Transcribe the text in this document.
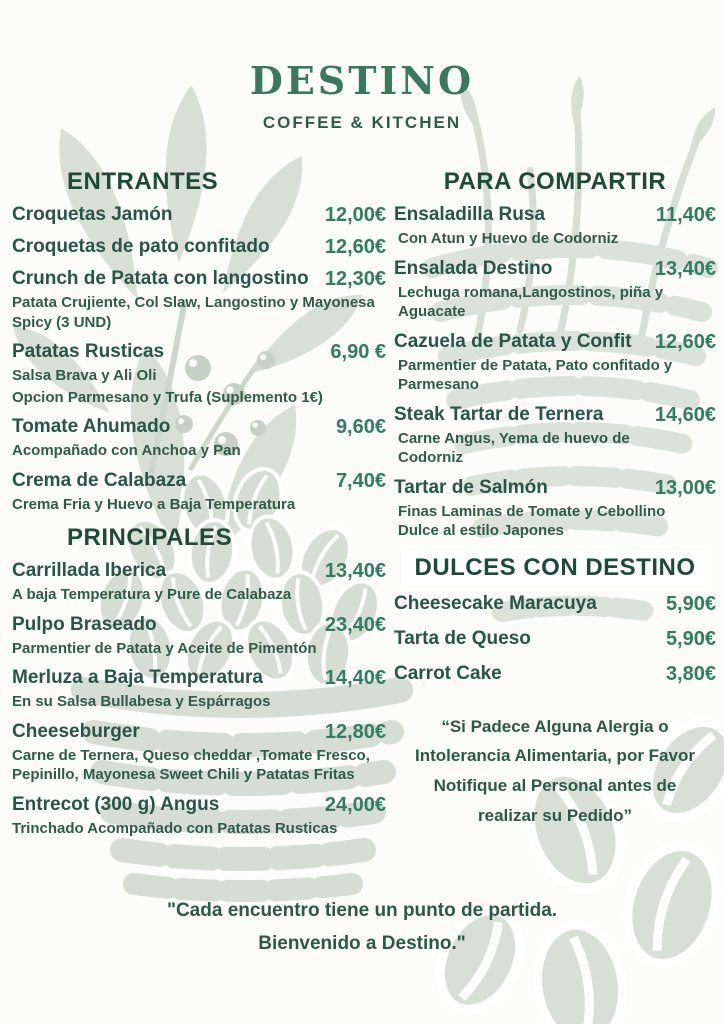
DESTINO
COFFEE & KITCHEN
ENTRANTES
Croquetas Jamón	12,00€
Croquetas de pato confitado	12,60€
Crunch de Patata con langostino 12,30€
Patata Crujiente, Col Slaw, Langostino y Mayonesa Spicy (3 UND)
Patatas Rusticas	6,90 €
Salsa Brava y Ali Oli
Opcion Parmesano y Trufa (Suplemento 1€)
Tomate Ahumado	9,60€
Acompañado con Anchoa y Pan
Crema de Calabaza	7,40€
Crema Fria y Huevo a Baja Temperatura
PRINCIPALES
Carrillada Iberica	13,40€
A baja Temperatura y Pure de Calabaza
Pulpo Braseado	23,40€
Parmentier de Patata y Aceite de Pimentón
Merluza a Baja Temperatura	14,40€
En su Salsa Bullabesa y Espárragos
Cheeseburger	12,80€
Carne de Ternera, Queso cheddar ,Tomate Fresco, Pepinillo, Mayonesa Sweet Chili y Patatas Fritas
Entrecot (300 g) Angus	24,00€
Trinchado Acompañado con Patatas Rusticas
PARA COMPARTIR
Ensaladilla Rusa	11,40€
Con Atun y Huevo de Codorniz
Ensalada Destino	13,40€
Lechuga romana,Langostinos, piña y Aguacate
Cazuela de Patata y Confit	12,60€
Parmentier de Patata, Pato confitado y Parmesano
Steak Tartar de Ternera	14,60€
Carne Angus, Yema de huevo de Codorniz
Tartar de Salmón	13,00€
Finas Laminas de Tomate y Cebollino Dulce al estilo Japones
DULCES CON DESTINO
Cheesecake Maracuya	5,90€
Tarta de Queso	5,90€
Carrot Cake	3,80€
“Si Padece Alguna Alergia o
Intolerancia Alimentaria, por Favor
Notifique al Personal antes de
realizar su Pedido”
"Cada encuentro tiene un punto de partida.
Bienvenido a Destino."
